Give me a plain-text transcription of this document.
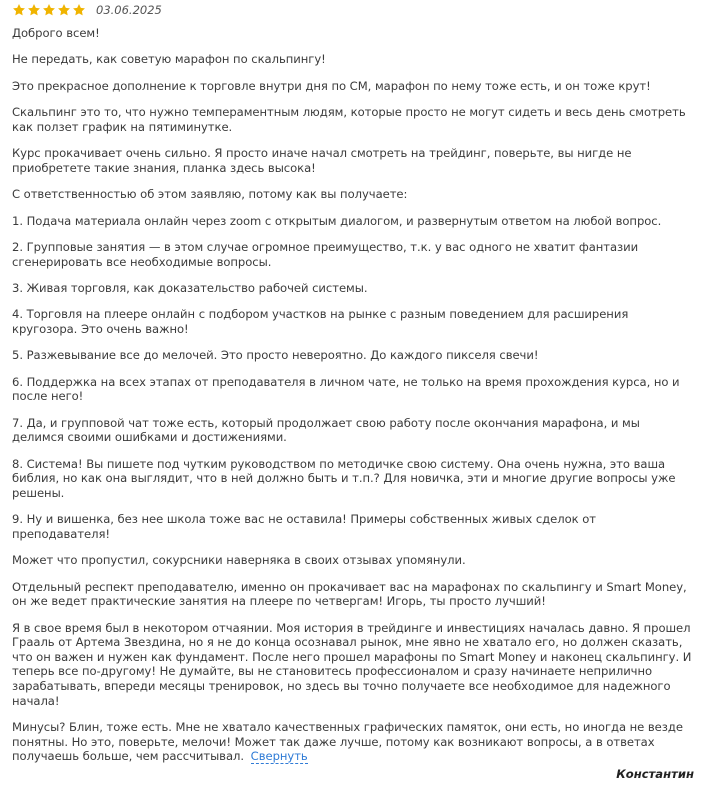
03.06.2025

Доброго всем!

Не передать, как советую марафон по скальпингу!

Это прекрасное дополнение к торговле внутри дня по СМ, марафон по нему тоже есть, и он тоже крут!

Скальпинг это то, что нужно темпераментным людям, которые просто не могут сидеть и весь день смотреть как ползет график на пятиминутке.

Курс прокачивает очень сильно. Я просто иначе начал смотреть на трейдинг, поверьте, вы нигде не приобретете такие знания, планка здесь высока!

С ответственностью об этом заявляю, потому как вы получаете:

1. Подача материала онлайн через zoom с открытым диалогом, и развернутым ответом на любой вопрос.

2. Групповые занятия — в этом случае огромное преимущество, т.к. у вас одного не хватит фантазии сгенерировать все необходимые вопросы.

3. Живая торговля, как доказательство рабочей системы.

4. Торговля на плеере онлайн с подбором участков на рынке с разным поведением для расширения кругозора. Это очень важно!

5. Разжевывание все до мелочей. Это просто невероятно. До каждого пикселя свечи!

6. Поддержка на всех этапах от преподавателя в личном чате, не только на время прохождения курса, но и после него!

7. Да, и групповой чат тоже есть, который продолжает свою работу после окончания марафона, и мы делимся своими ошибками и достижениями.

8. Система! Вы пишете под чутким руководством по методичке свою систему. Она очень нужна, это ваша библия, но как она выглядит, что в ней должно быть и т.п.? Для новичка, эти и многие другие вопросы уже решены.

9. Ну и вишенка, без нее школа тоже вас не оставила! Примеры собственных живых сделок от преподавателя!

Может что пропустил, сокурсники наверняка в своих отзывах упомянули.

Отдельный респект преподавателю, именно он прокачивает вас на марафонах по скальпингу и Smart Money, он же ведет практические занятия на плеере по четвергам! Игорь, ты просто лучший!

Я в свое время был в некотором отчаянии. Моя история в трейдинге и инвестициях началась давно. Я прошел Грааль от Артема Звездина, но я не до конца осознавал рынок, мне явно не хватало его, но должен сказать, что он важен и нужен как фундамент. После него прошел марафоны по Smart Money и наконец скальпингу. И теперь все по-другому! Не думайте, вы не становитесь профессионалом и сразу начинаете неприлично зарабатывать, впереди месяцы тренировок, но здесь вы точно получаете все необходимое для надежного начала!

Минусы? Блин, тоже есть. Мне не хватало качественных графических памяток, они есть, но иногда не везде понятны. Но это, поверьте, мелочи! Может так даже лучше, потому как возникают вопросы, а в ответах получаешь больше, чем рассчитывал. Свернуть

Константин
